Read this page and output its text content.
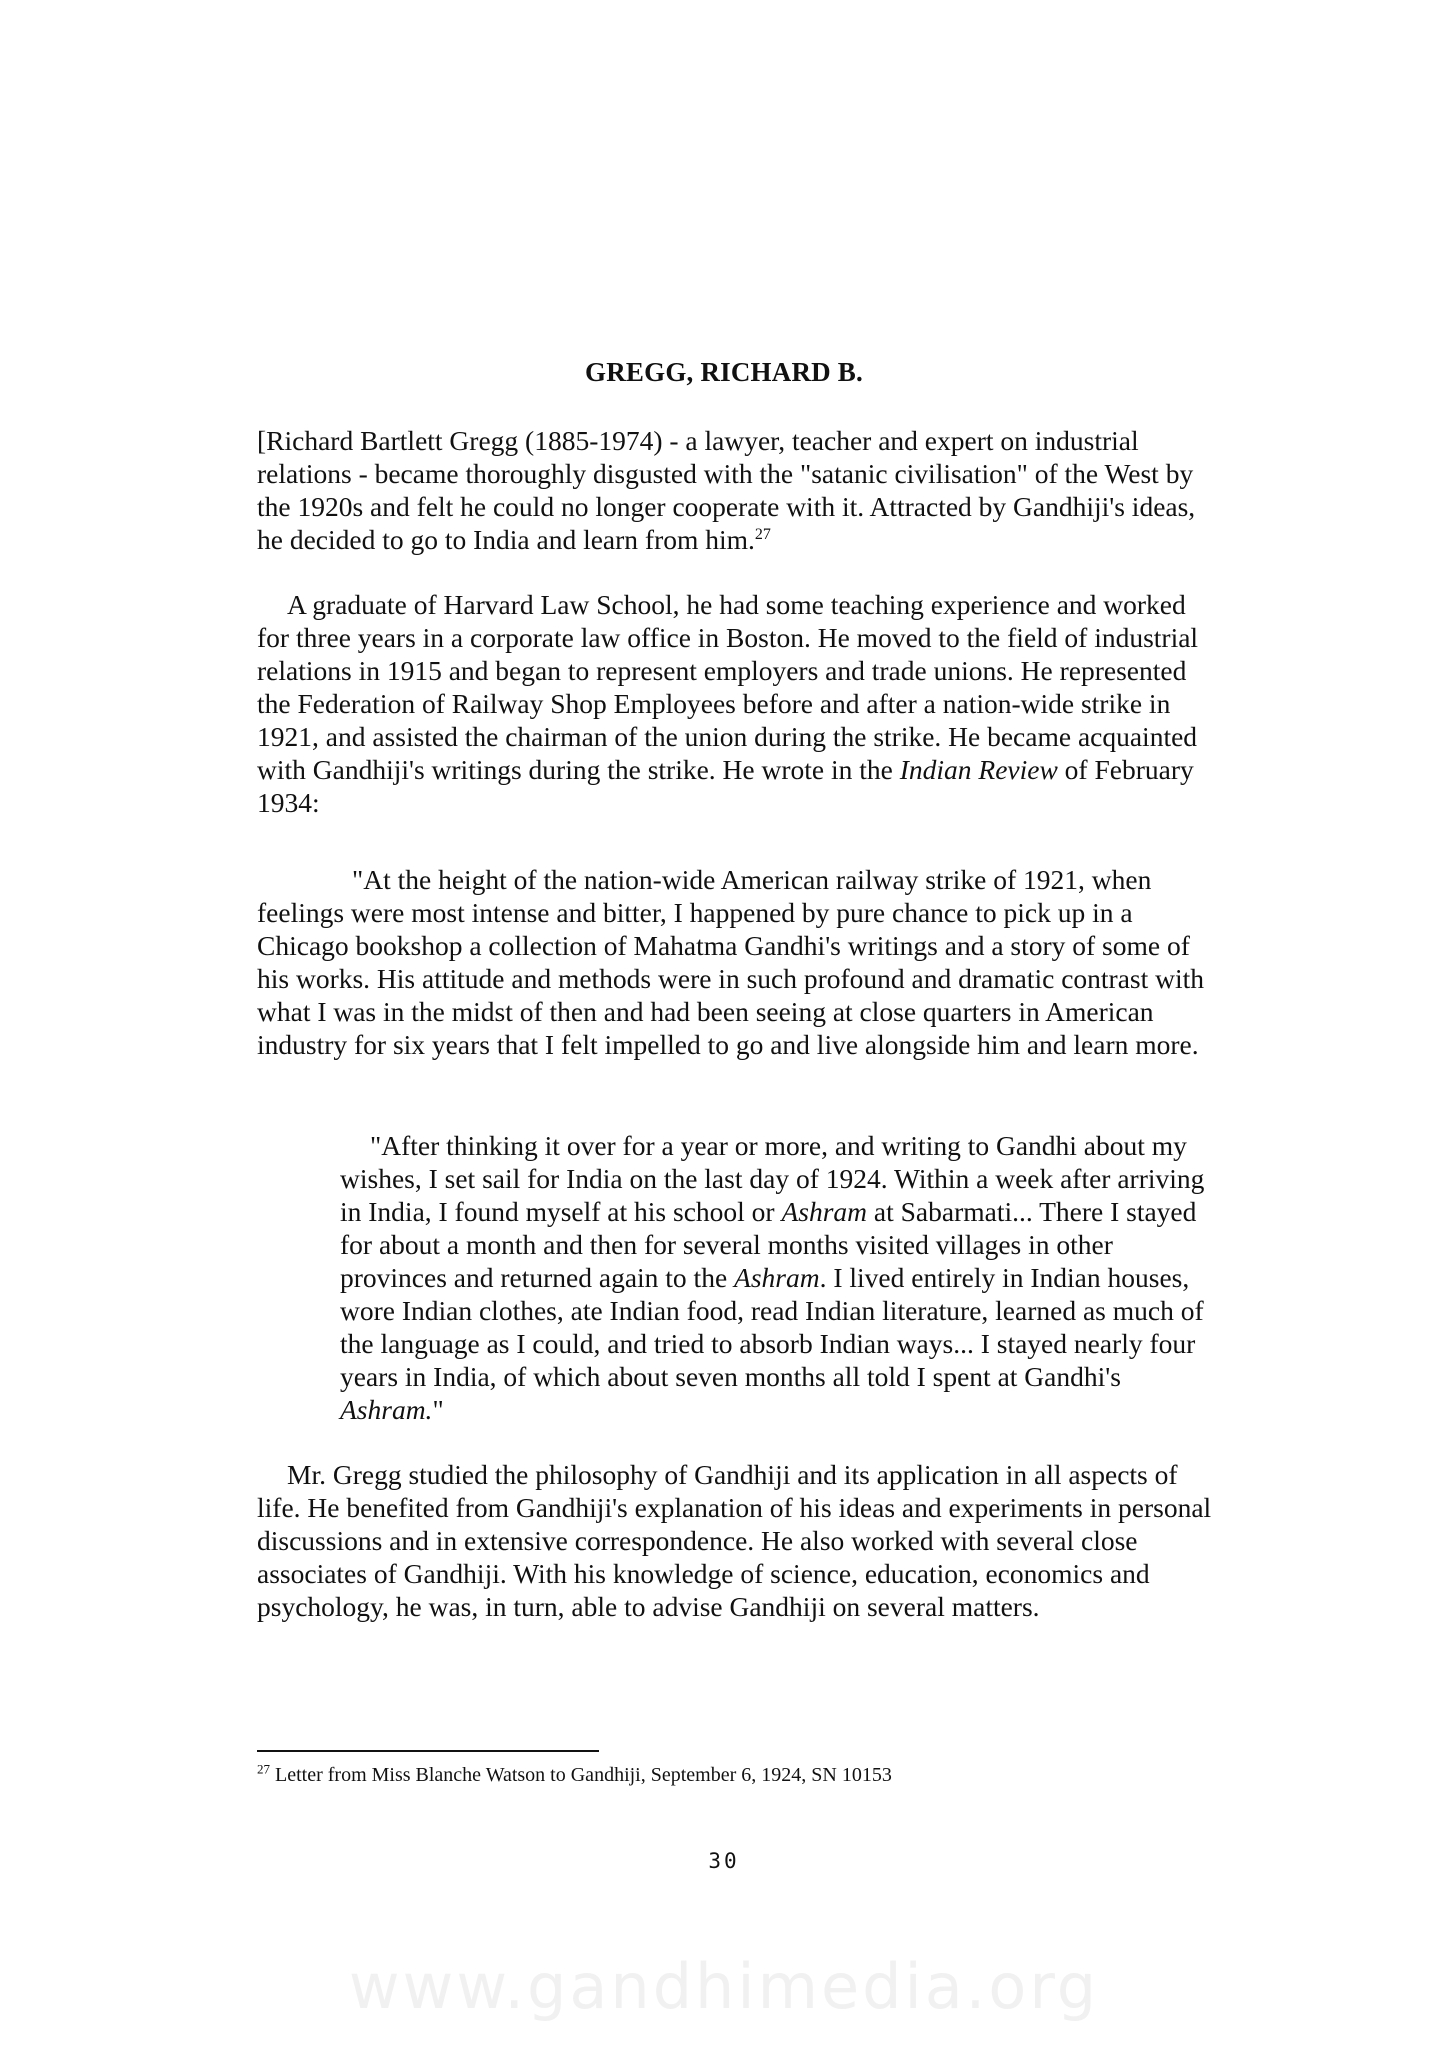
GREGG, RICHARD B.

[Richard Bartlett Gregg (1885-1974) - a lawyer, teacher and expert on industrial relations - became thoroughly disgusted with the "satanic civilisation" of the West by the 1920s and felt he could no longer cooperate with it. Attracted by Gandhiji's ideas, he decided to go to India and learn from him.$^{27}$

A graduate of Harvard Law School, he had some teaching experience and worked for three years in a corporate law office in Boston. He moved to the field of industrial relations in 1915 and began to represent employers and trade unions. He represented the Federation of Railway Shop Employees before and after a nation-wide strike in 1921, and assisted the chairman of the union during the strike. He became acquainted with Gandhiji's writings during the strike. He wrote in the Indian Review of February 1934:

"At the height of the nation-wide American railway strike of 1921, when feelings were most intense and bitter, I happened by pure chance to pick up in a Chicago bookshop a collection of Mahatma Gandhi's writings and a story of some of his works. His attitude and methods were in such profound and dramatic contrast with what I was in the midst of then and had been seeing at close quarters in American industry for six years that I felt impelled to go and live alongside him and learn more.

"After thinking it over for a year or more, and writing to Gandhi about my wishes, I set sail for India on the last day of 1924. Within a week after arriving in India, I found myself at his school or Ashram at Sabarmati... There I stayed for about a month and then for several months visited villages in other provinces and returned again to the Ashram. I lived entirely in Indian houses, wore Indian clothes, ate Indian food, read Indian literature, learned as much of the language as I could, and tried to absorb Indian ways... I stayed nearly four years in India, of which about seven months all told I spent at Gandhi's Ashram."

Mr. Gregg studied the philosophy of Gandhiji and its application in all aspects of life. He benefited from Gandhiji's explanation of his ideas and experiments in personal discussions and in extensive correspondence. He also worked with several close associates of Gandhiji. With his knowledge of science, education, economics and psychology, he was, in turn, able to advise Gandhiji on several matters.

$^{27}$ Letter from Miss Blanche Watson to Gandhiji, September 6, 1924, SN 10153
30
www.gandhimedia.org
